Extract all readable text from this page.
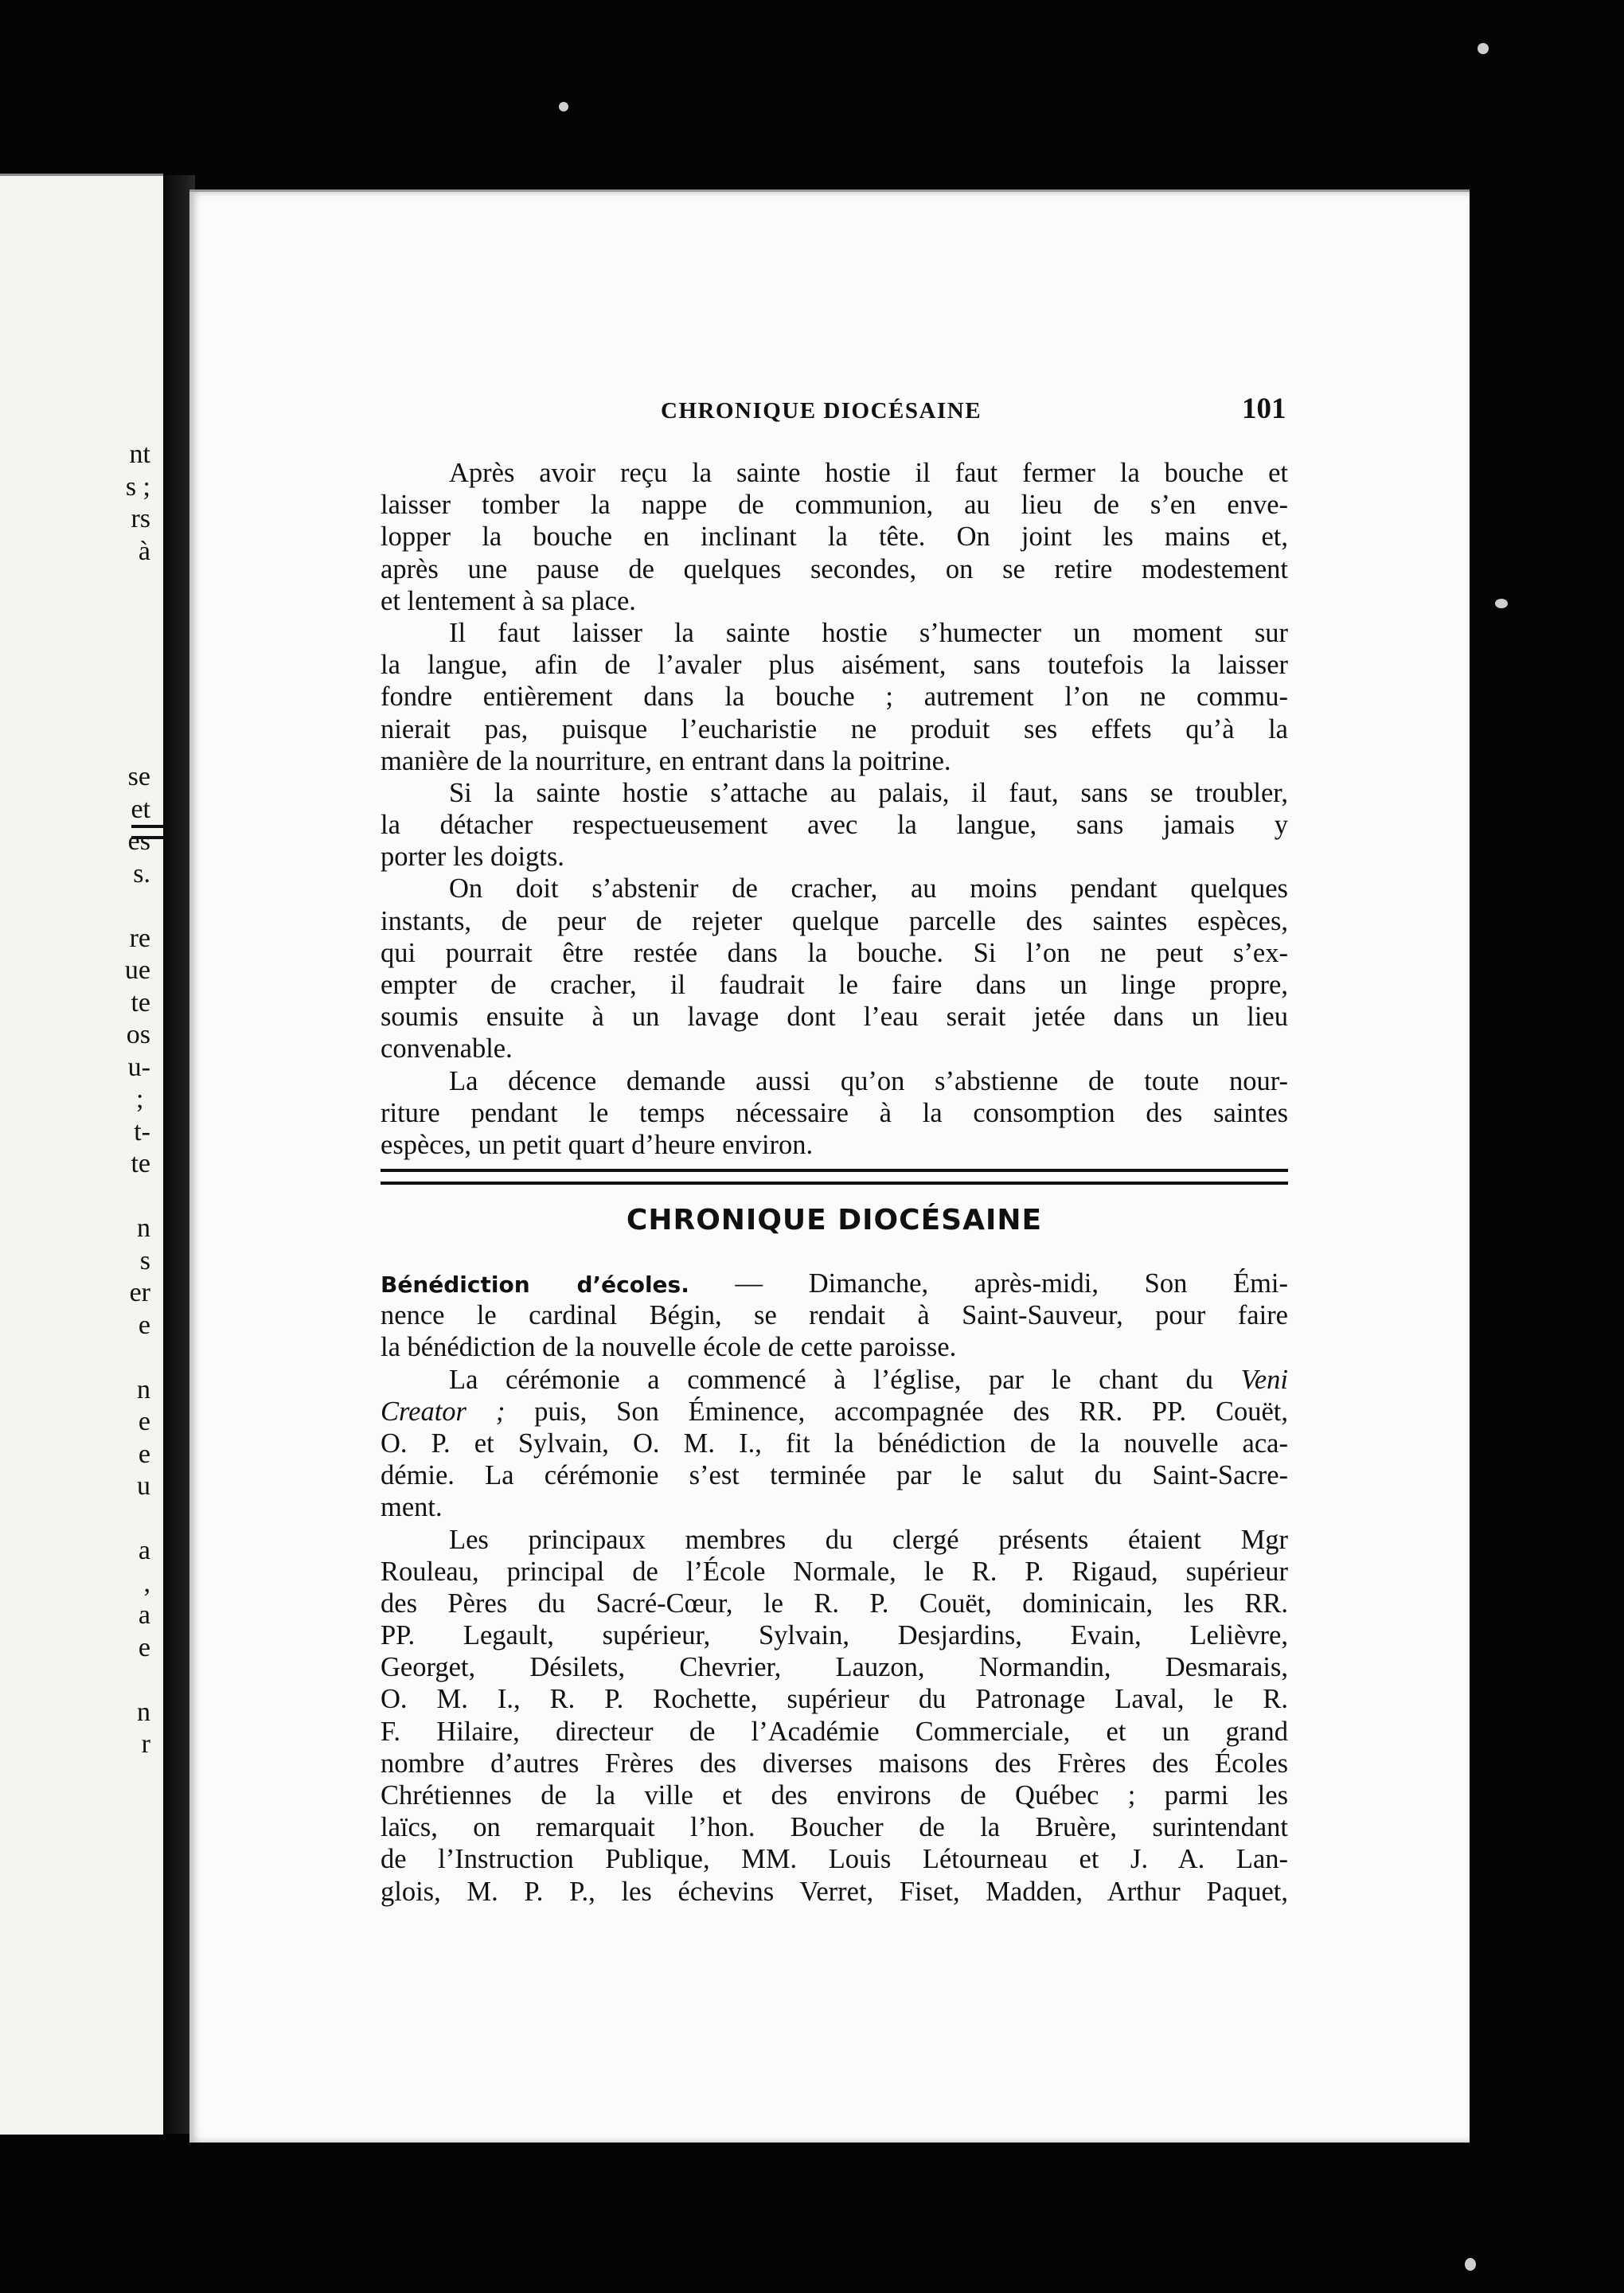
nt
s ;
rs
à
se
et
es
s.
re
ue
te
os
u-
;
t-
te
n
s
er
e
n
e
e
u
a
,
a
e
n
r
CHRONIQUE DIOCÉSAINE	101
Après avoir reçu la sainte hostie il faut fermer la bouche et
laisser tomber la nappe de communion, au lieu de s’en enve-
lopper la bouche en inclinant la tête. On joint les mains et,
après une pause de quelques secondes, on se retire modestement
et lentement à sa place.
Il faut laisser la sainte hostie s’humecter un moment sur
la langue, afin de l’avaler plus aisément, sans toutefois la laisser
fondre entièrement dans la bouche ; autrement l’on ne commu-
nierait pas, puisque l’eucharistie ne produit ses effets qu’à la
manière de la nourriture, en entrant dans la poitrine.
Si la sainte hostie s’attache au palais, il faut, sans se troubler,
la détacher respectueusement avec la langue, sans jamais y
porter les doigts.
On doit s’abstenir de cracher, au moins pendant quelques
instants, de peur de rejeter quelque parcelle des saintes espèces,
qui pourrait être restée dans la bouche. Si l’on ne peut s’ex-
empter de cracher, il faudrait le faire dans un linge propre,
soumis ensuite à un lavage dont l’eau serait jetée dans un lieu
convenable.
La décence demande aussi qu’on s’abstienne de toute nour-
riture pendant le temps nécessaire à la consomption des saintes
espèces, un petit quart d’heure environ.
CHRONIQUE DIOCÉSAINE
Bénédiction d’écoles. — Dimanche, après-midi, Son Émi-
nence le cardinal Bégin, se rendait à Saint-Sauveur, pour faire
la bénédiction de la nouvelle école de cette paroisse.
La cérémonie a commencé à l’église, par le chant du Veni
Creator ; puis, Son Éminence, accompagnée des RR. PP. Couët,
O. P. et Sylvain, O. M. I., fit la bénédiction de la nouvelle aca-
démie. La cérémonie s’est terminée par le salut du Saint-Sacre-
ment.
Les principaux membres du clergé présents étaient Mgr
Rouleau, principal de l’École Normale, le R. P. Rigaud, supérieur
des Pères du Sacré-Cœur, le R. P. Couët, dominicain, les RR.
PP. Legault, supérieur, Sylvain, Desjardins, Evain, Lelièvre,
Georget, Désilets, Chevrier, Lauzon, Normandin, Desmarais,
O. M. I., R. P. Rochette, supérieur du Patronage Laval, le R.
F. Hilaire, directeur de l’Académie Commerciale, et un grand
nombre d’autres Frères des diverses maisons des Frères des Écoles
Chrétiennes de la ville et des environs de Québec ; parmi les
laïcs, on remarquait l’hon. Boucher de la Bruère, surintendant
de l’Instruction Publique, MM. Louis Létourneau et J. A. Lan-
glois, M. P. P., les échevins Verret, Fiset, Madden, Arthur Paquet,
